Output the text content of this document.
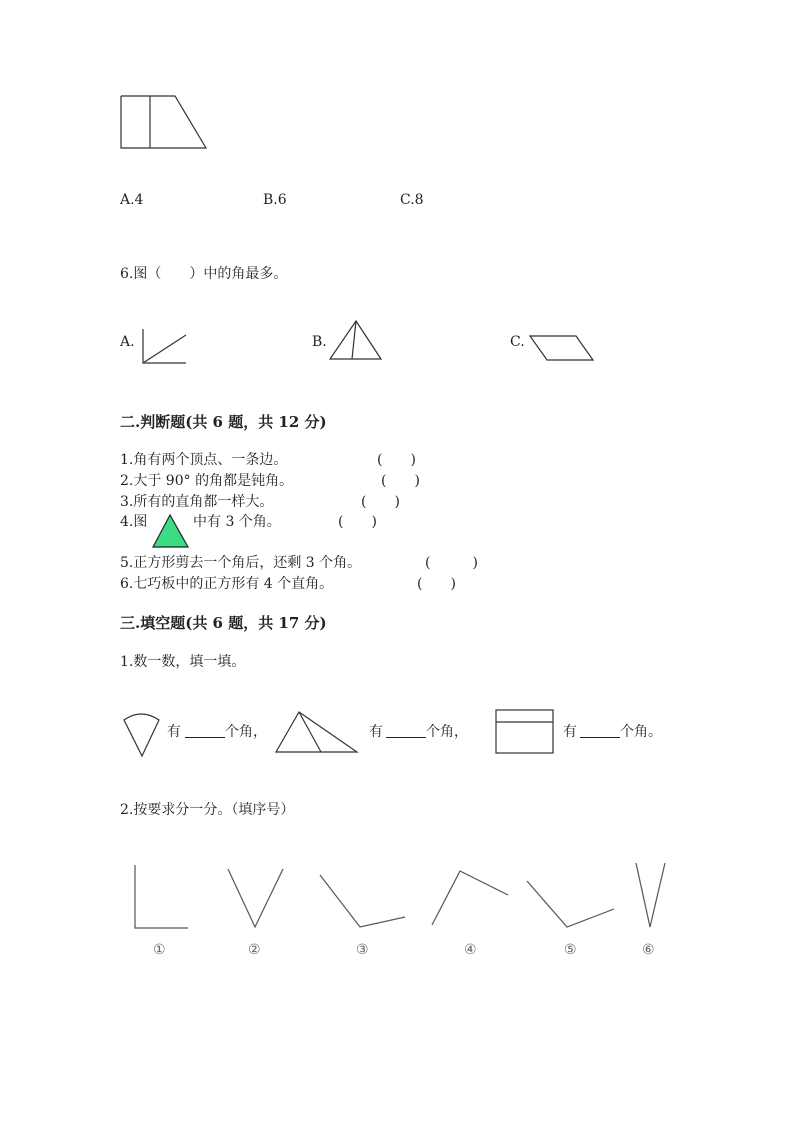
A.4	B.6	C.8
6.图（　　）中的角最多。
A.	B.	C.
二.判断题(共 6 题，共 12 分)
1.角有两个顶点、一条边。	(　　)
2.大于 90° 的角都是钝角。	(　　)
3.所有的直角都一样大。	(　　)
4.图	中有 3 个角。	(　　)
5.正方形剪去一个角后，还剩 3 个角。	(　　　)
6.七巧板中的正方形有 4 个直角。	(　　)
三.填空题(共 6 题，共 17 分)
1.数一数，填一填。
有	个角，	有	个角，	有	个角。
2.按要求分一分。（填序号）
①	②	③	④	⑤	⑥
